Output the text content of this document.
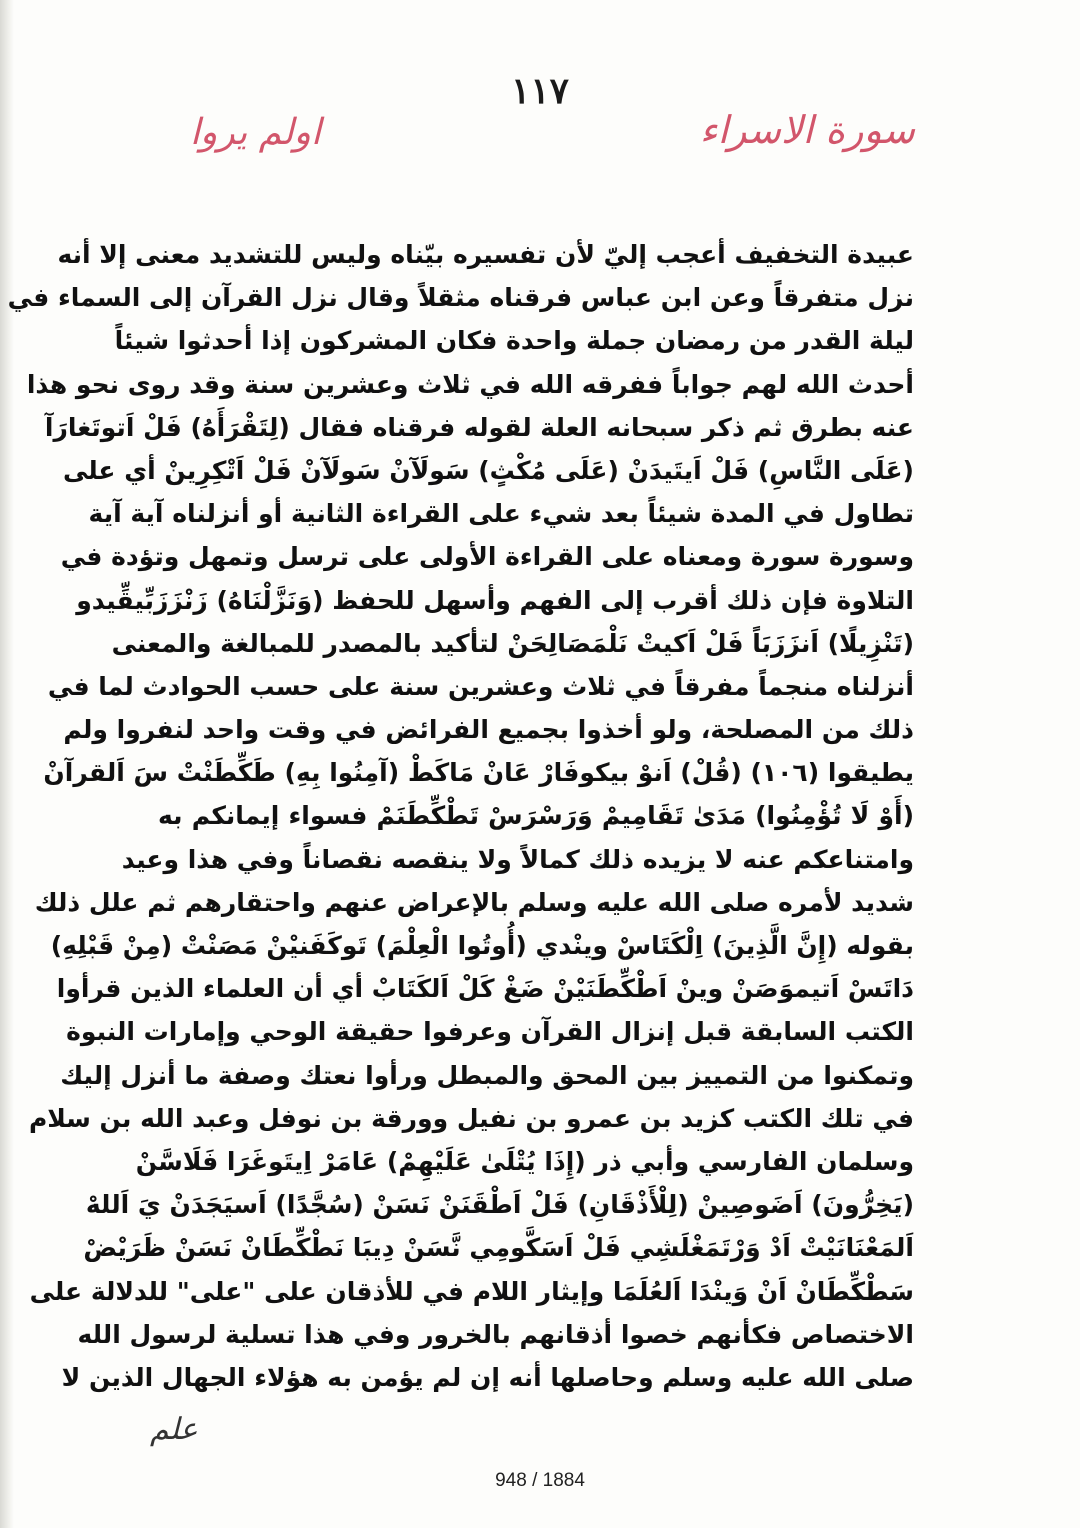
١١٧
سورة الاسراء
اولم يروا
عبيدة التخفيف أعجب إليّ لأن تفسيره بيّناه وليس للتشديد معنى إلا أنه
نزل متفرقاً وعن ابن عباس فرقناه مثقلاً وقال نزل القرآن إلى السماء في
ليلة القدر من رمضان جملة واحدة فكان المشركون إذا أحدثوا شيئاً
أحدث الله لهم جواباً ففرقه الله في ثلاث وعشرين سنة وقد روى نحو هذا
عنه بطرق ثم ذكر سبحانه العلة لقوله فرقناه فقال (لِتَقْرَأَهُ) فَلْ اَتوتَغارَآ
(عَلَى النَّاسِ) فَلْ اَيتَيدَنْ (عَلَى مُكْثٍ) سَولَآنْ سَولَآنْ فَلْ اَتْكِرِينْ أي على
تطاول في المدة شيئاً بعد شيء على القراءة الثانية أو أنزلناه آية آية
وسورة سورة ومعناه على القراءة الأولى على ترسل وتمهل وتؤدة في
التلاوة فإن ذلك أقرب إلى الفهم وأسهل للحفظ (وَنَزَّلْنَاهُ) زَنْزَزَبِّيقِّيدو
(تَنْزِيلًا) اَنزَزَبَاً فَلْ اَكيتْ نَلْمَصَالِحَنْ لتأكيد بالمصدر للمبالغة والمعنى
أنزلناه منجماً مفرقاً في ثلاث وعشرين سنة على حسب الحوادث لما في
ذلك من المصلحة، ولو أخذوا بجميع الفرائض في وقت واحد لنفروا ولم
يطيقوا (١٠٦) (قُلْ) اَنوْ بيكوفَارْ عَانْ مَاكَطْ (آمِنُوا بِهِ) طَكِّطَنْتْ سَ اَلقرآنْ
(أَوْ لَا تُؤْمِنُوا) مَدَىٰ تَقَامِيمْ وَرَسْرَسْ تَطْكِّطَنَمْ فسواء إيمانكم به
وامتناعكم عنه لا يزيده ذلك كمالاً ولا ينقصه نقصاناً وفي هذا وعيد
شديد لأمره صلى الله عليه وسلم بالإعراض عنهم واحتقارهم ثم علل ذلك
بقوله (إِنَّ الَّذِينَ) اِلْكَتَاسْ وينْدي (أُوتُوا الْعِلْمَ) تَوكَفَنيْنْ مَصَنْتْ (مِنْ قَبْلِهِ)
دَاتَسْ اَتيموَصَنْ وينْ اَطْكِّطَنَيْنْ ضَغْ كَلْ اَلكَتَابْ أي أن العلماء الذين قرأوا
الكتب السابقة قبل إنزال القرآن وعرفوا حقيقة الوحي وإمارات النبوة
وتمكنوا من التمييز بين المحق والمبطل ورأوا نعتك وصفة ما أنزل إليك
في تلك الكتب كزيد بن عمرو بن نفيل وورقة بن نوفل وعبد الله بن سلام
وسلمان الفارسي وأبي ذر (إِذَا يُتْلَىٰ عَلَيْهِمْ) عَامَرْ اِيتَوغَرَا فَلَاسَّنْ
(يَخِرُّونَ) اَضَوصِينْ (لِلْأَذْقَانِ) فَلْ اَطْقَنَنْ نَسَنْ (سُجَّدًا) اَسيَجَدَنْ يَ اَللهْ
اَلمَعْنَانَيْتْ اَدْ وَرْتَمَغْلَشِي فَلْ اَسَكَّومِي نَّسَنْ دِيبَا نَطْكِّطَانْ نَسَنْ ظَرَيْضْ
سَطْكِّطَانْ اَنْ وَينْدَا اَلعُلَمَا وإيثار اللام في للأذقان على "على" للدلالة على
الاختصاص فكأنهم خصوا أذقانهم بالخرور وفي هذا تسلية لرسول الله
صلى الله عليه وسلم وحاصلها أنه إن لم يؤمن به هؤلاء الجهال الذين لا
علم
948 / 1884
